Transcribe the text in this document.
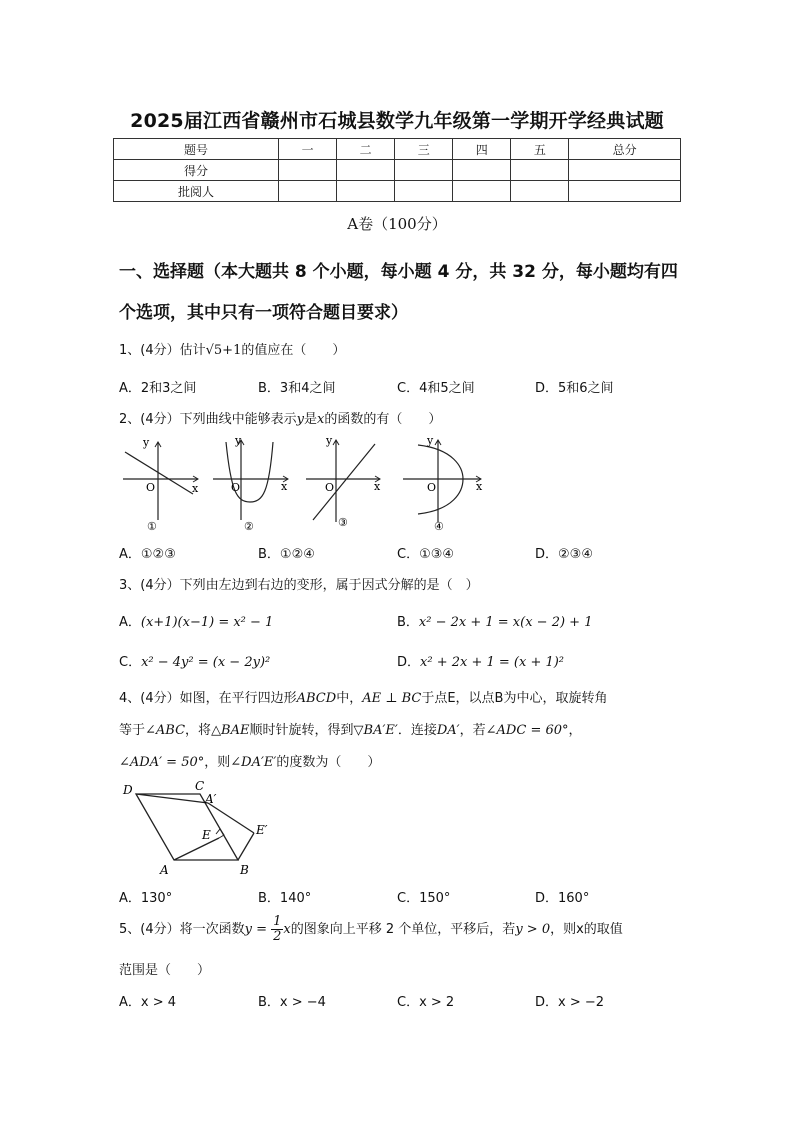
2025届江西省赣州市石城县数学九年级第一学期开学经典试题
题号	一	二	三	四	五	总分
得分						
批阅人						
A卷（100分）
一、选择题（本大题共 8 个小题，每小题 4 分，共 32 分，每小题均有四个选项，其中只有一项符合题目要求）
1、(4分）估计√5+1的值应在（　　）
A．2和3之间	B．3和4之间	C．4和5之间	D．5和6之间
2、(4分）下列曲线中能够表示y是x的函数的有（　　）
y
x
O
①
y
x
O
②
y
x
O
③
y
x
O
④
A．①②③	B．①②④	C．①③④	D．②③④
3、(4分）下列由左边到右边的变形，属于因式分解的是（　）
A．(x+1)(x−1) = x² − 1	B．x² − 2x + 1 = x(x − 2) + 1
C．x² − 4y² = (x − 2y)²	D．x² + 2x + 1 = (x + 1)²
4、(4分）如图，在平行四边形ABCD中，AE ⊥ BC于点E，以点B为中心，取旋转角
等于∠ABC，将△BAE顺时针旋转，得到▽BA′E′．连接DA′，若∠ADC = 60°，
∠ADA′ = 50°，则∠DA′E′的度数为（　　）
D	C
A′
E	E′
A	B
A．130°	B．140°	C．150°	D．160°
5、(4分）将一次函数$y = \frac{1}{2}$ x的图象向上平移 2 个单位，平移后，若y > 0，则x的取值
范围是（　　）
A．x > 4	B．x > −4	C．x > 2	D．x > −2
